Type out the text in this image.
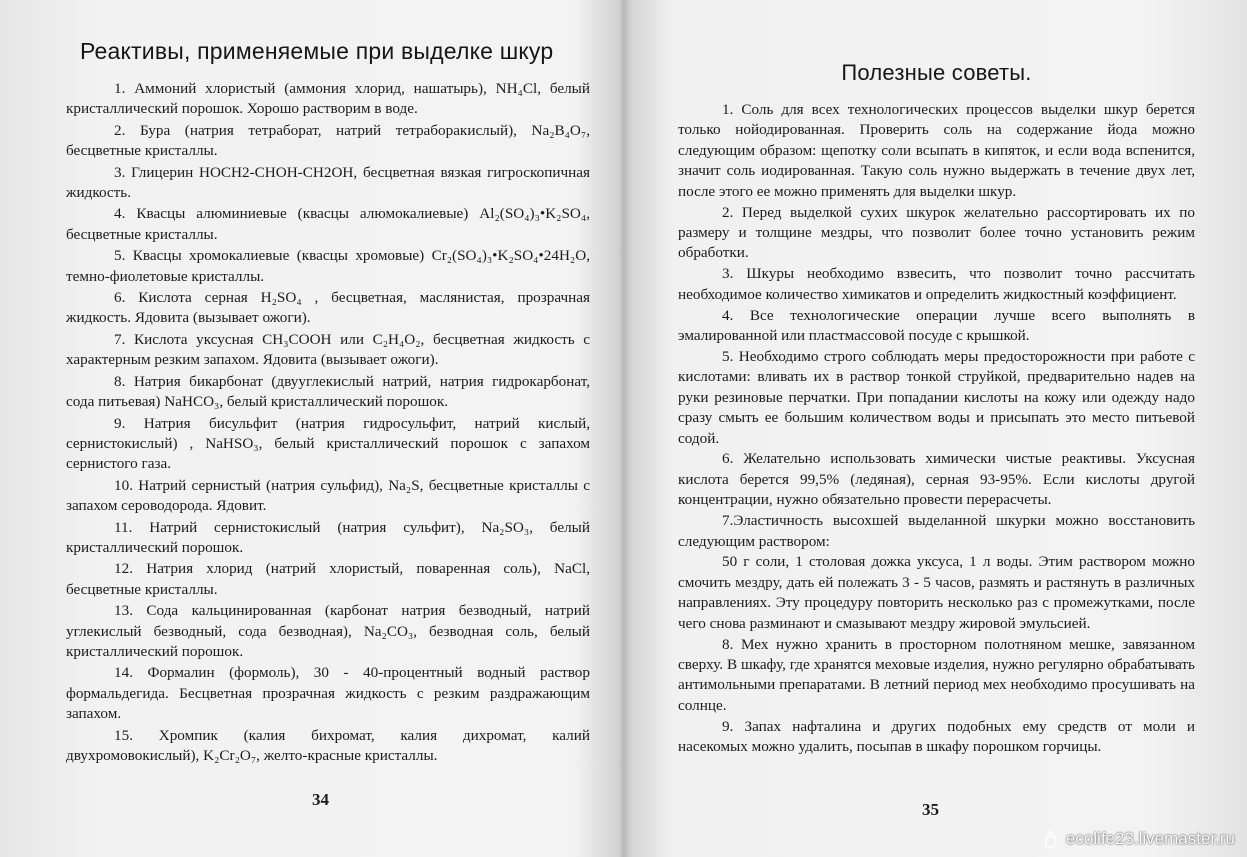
Реактивы, применяемые при выделке шкур

1. Аммоний хлористый (аммония хлорид, нашатырь), NH₄Cl, белый кристаллический порошок. Хорошо растворим в воде.

2. Бура (натрия тетраборат, натрий тетраборакислый), Na₂B₄O₇, бесцветные кристаллы.

3. Глицерин HOCH2-CHOH-CH2OH, бесцветная вязкая гигроскопичная жидкость.

4. Квасцы алюминиевые (квасцы алюмокалиевые) Al₂(SO₄)₃•K₂SO₄, бесцветные кристаллы.

5. Квасцы хромокалиевые (квасцы хромовые) Cr₂(SO₄)₃•K₂SO₄•24H₂O, темно-фиолетовые кристаллы.

6. Кислота серная H₂SO₄ , бесцветная, маслянистая, прозрачная жидкость. Ядовита (вызывает ожоги).

7. Кислота уксусная CH₃COOH или C₂H₄O₂, бесцветная жидкость с характерным резким запахом. Ядовита (вызывает ожоги).

8. Натрия бикарбонат (двууглекислый натрий, натрия гидрокарбонат, сода питьевая) NaHCO₃, белый кристаллический порошок.

9. Натрия бисульфит (натрия гидросульфит, натрий кислый, сернистокислый) , NaHSO₃, белый кристаллический порошок с запахом сернистого газа.

10. Натрий сернистый (натрия сульфид), Na₂S, бесцветные кристаллы с запахом сероводорода. Ядовит.

11. Натрий сернистокислый (натрия сульфит), Na₂SO₃, белый кристаллический порошок.

12. Натрия хлорид (натрий хлористый, поваренная соль), NaCl, бесцветные кристаллы.

13. Сода кальцинированная (карбонат натрия безводный, натрий углекислый безводный, сода безводная), Na₂CO₃, безводная соль, белый кристаллический порошок.

14. Формалин (формоль), 30 - 40-процентный водный раствор формальдегида. Бесцветная прозрачная жидкость с резким раздражающим запахом.

15. Хромпик (калия бихромат, калия дихромат, калий двухромовокислый), K₂Cr₂O₇, желто-красные кристаллы.

34
Полезные советы.

1. Соль для всех технологических процессов выделки шкур берется только нойодированная. Проверить соль на содержание йода можно следующим образом: щепотку соли всыпать в кипяток, и если вода вспенится, значит соль иодированная. Такую соль нужно выдержать в течение двух лет, после этого ее можно применять для выделки шкур.

2. Перед выделкой сухих шкурок желательно рассортировать их по размеру и толщине мездры, что позволит более точно установить режим обработки.

3. Шкуры необходимо взвесить, что позволит точно рассчитать необходимое количество химикатов и определить жидкостный коэффициент.

4. Все технологические операции лучше всего выполнять в эмалированной или пластмассовой посуде с крышкой.

5. Необходимо строго соблюдать меры предосторожности при работе с кислотами: вливать их в раствор тонкой струйкой, предварительно надев на руки резиновые перчатки. При попадании кислоты на кожу или одежду надо сразу смыть ее большим количеством воды и присыпать это место питьевой содой.

6. Желательно использовать химически чистые реактивы. Уксусная кислота берется 99,5% (ледяная), серная 93-95%. Если кислоты другой концентрации, нужно обязательно провести перерасчеты.

7.Эластичность высохшей выделанной шкурки можно восстановить следующим раствором:

50 г соли, 1 столовая дожка уксуса, 1 л воды. Этим раствором можно смочить мездру, дать ей полежать 3 - 5 часов, размять и растянуть в различных направлениях. Эту процедуру повторить несколько раз с промежутками, после чего снова разминают и смазывают мездру жировой эмульсией.

8. Мех нужно хранить в просторном полотняном мешке, завязанном сверху. В шкафу, где хранятся меховые изделия, нужно регулярно обрабатывать антимольными препаратами. В летний период мех необходимо просушивать на солнце.

9. Запах нафталина и других подобных ему средств от моли и насекомых можно удалить, посыпав в шкафу порошком горчицы.

35
ecolife23.livemaster.ru
